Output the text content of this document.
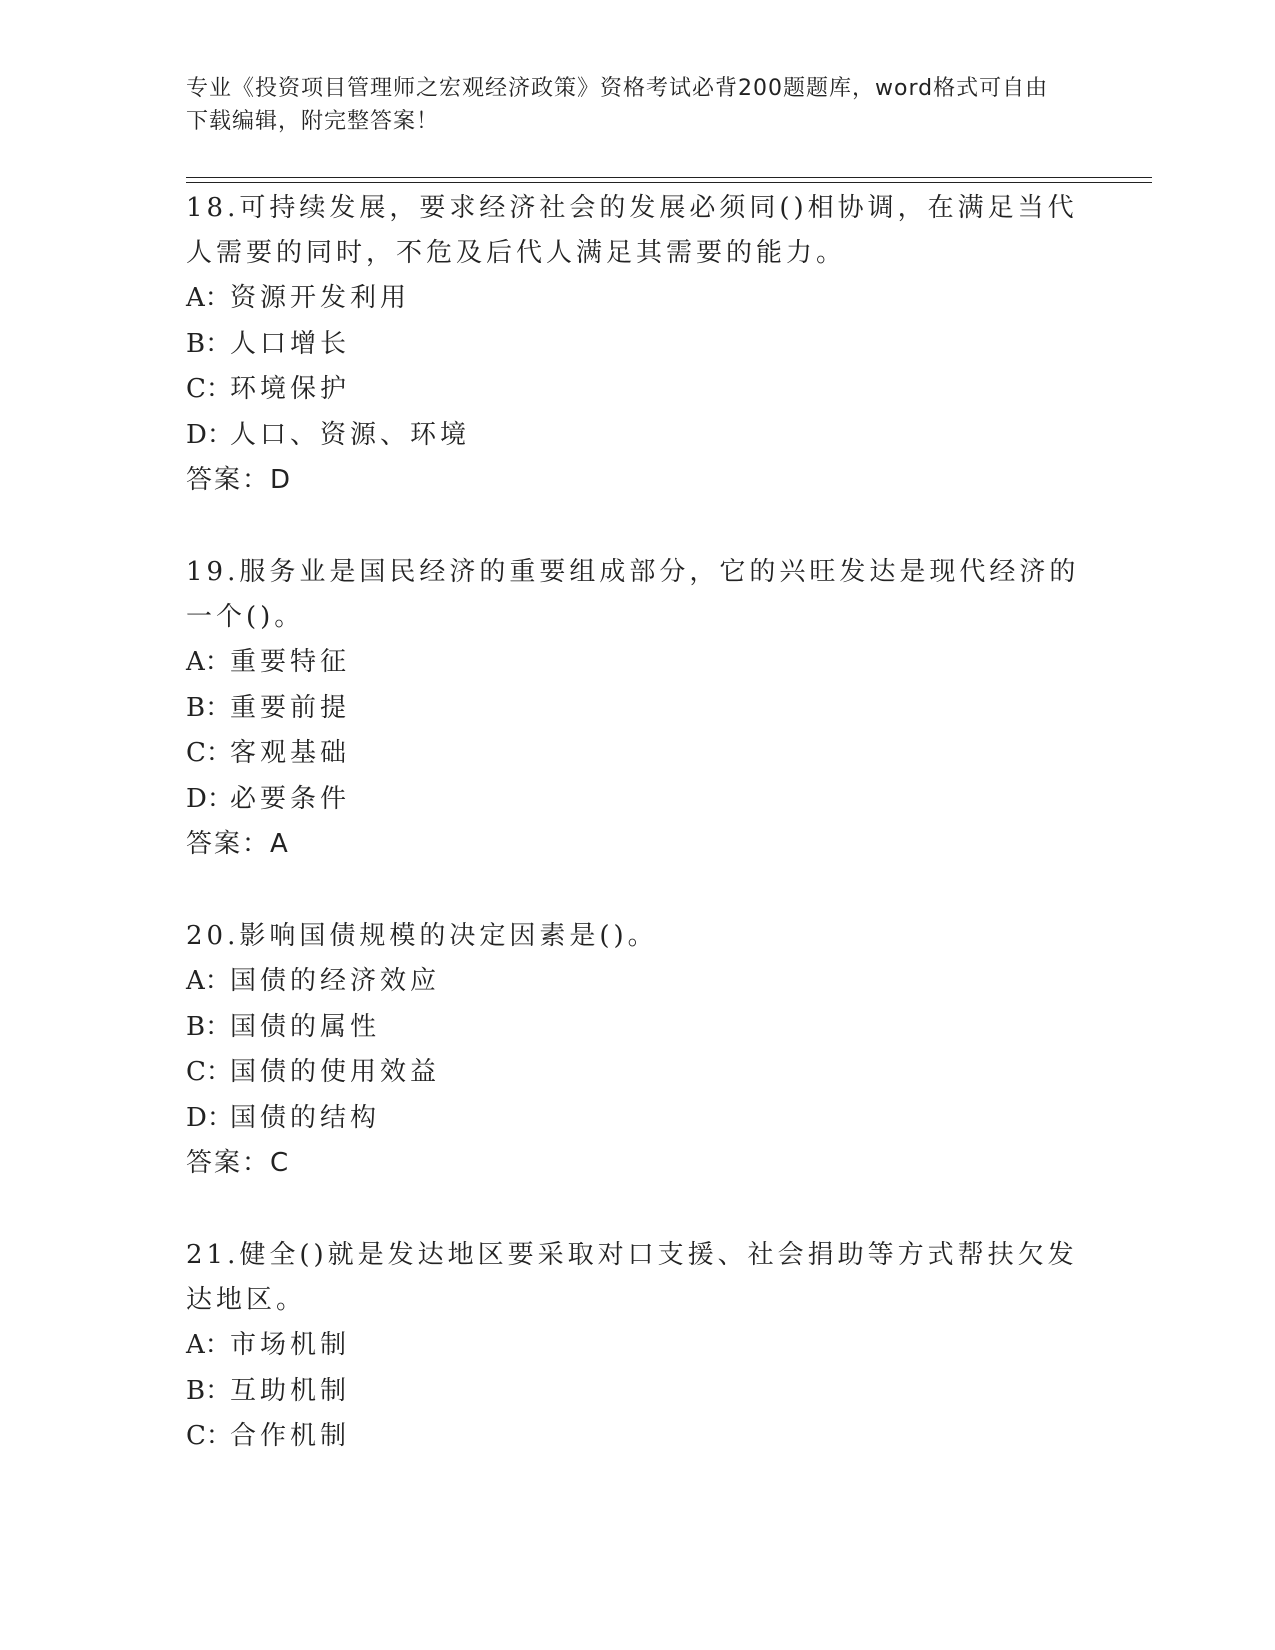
专业《投资项目管理师之宏观经济政策》资格考试必背200题题库，word格式可自由下载编辑，附完整答案！

18.可持续发展，要求经济社会的发展必须同()相协调，在满足当代人需要的同时，不危及后代人满足其需要的能力。

A：资源开发利用

B：人口增长

C：环境保护

D：人口、资源、环境

答案：D

19.服务业是国民经济的重要组成部分，它的兴旺发达是现代经济的一个()。

A：重要特征

B：重要前提

C：客观基础

D：必要条件

答案：A

20.影响国债规模的决定因素是()。

A：国债的经济效应

B：国债的属性

C：国债的使用效益

D：国债的结构

答案：C

21.健全()就是发达地区要采取对口支援、社会捐助等方式帮扶欠发达地区。

A：市场机制

B：互助机制

C：合作机制
